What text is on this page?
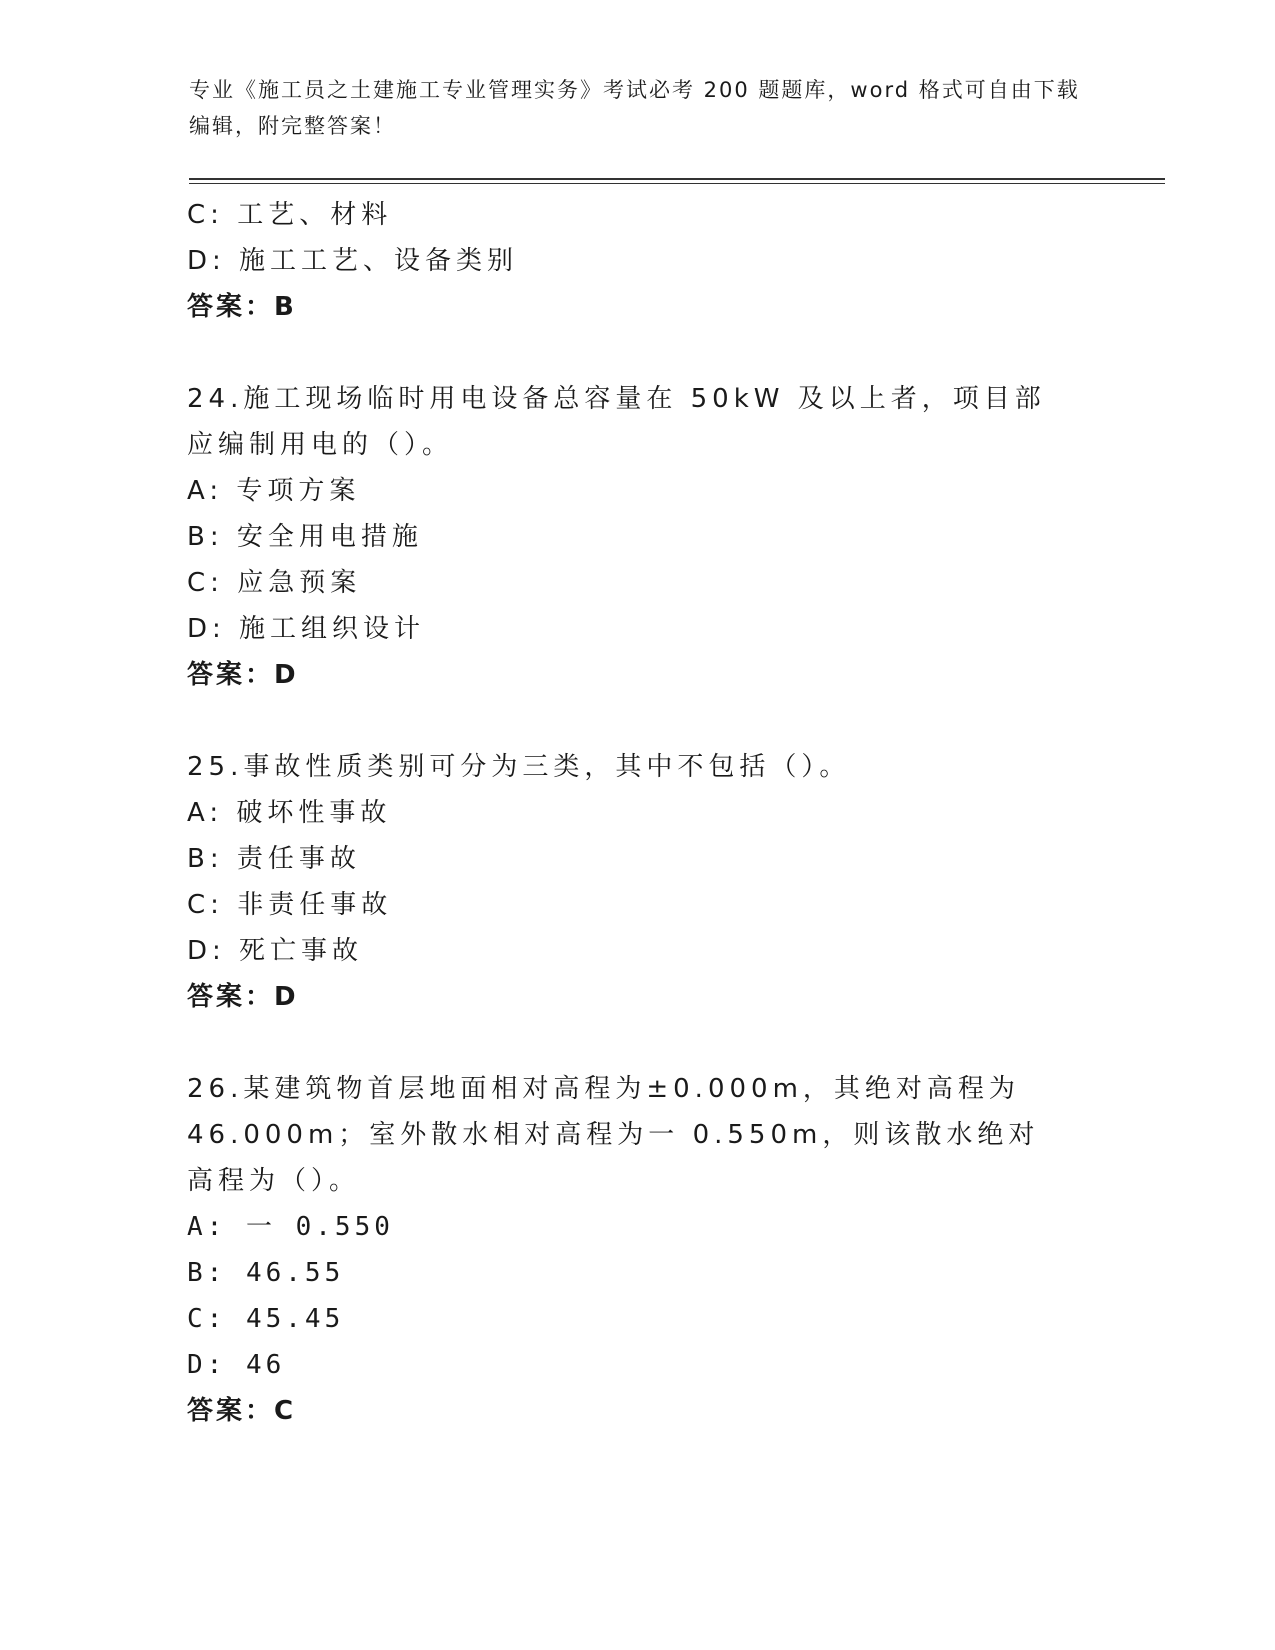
专业《施工员之土建施工专业管理实务》考试必考 200 题题库，word 格式可自由下载编辑，附完整答案！
C: 工艺、材料
D: 施工工艺、设备类别
答案：B
24.施工现场临时用电设备总容量在 50kW 及以上者，项目部应编制用电的（）。
A: 专项方案
B: 安全用电措施
C: 应急预案
D: 施工组织设计
答案：D
25.事故性质类别可分为三类，其中不包括（）。
A: 破坏性事故
B: 责任事故
C: 非责任事故
D: 死亡事故
答案：D
26.某建筑物首层地面相对高程为±0.000m，其绝对高程为 46.000m；室外散水相对高程为一 0.550m，则该散水绝对高程为（）。
A: 一 0.550
B: 46.55
C: 45.45
D: 46
答案：C
